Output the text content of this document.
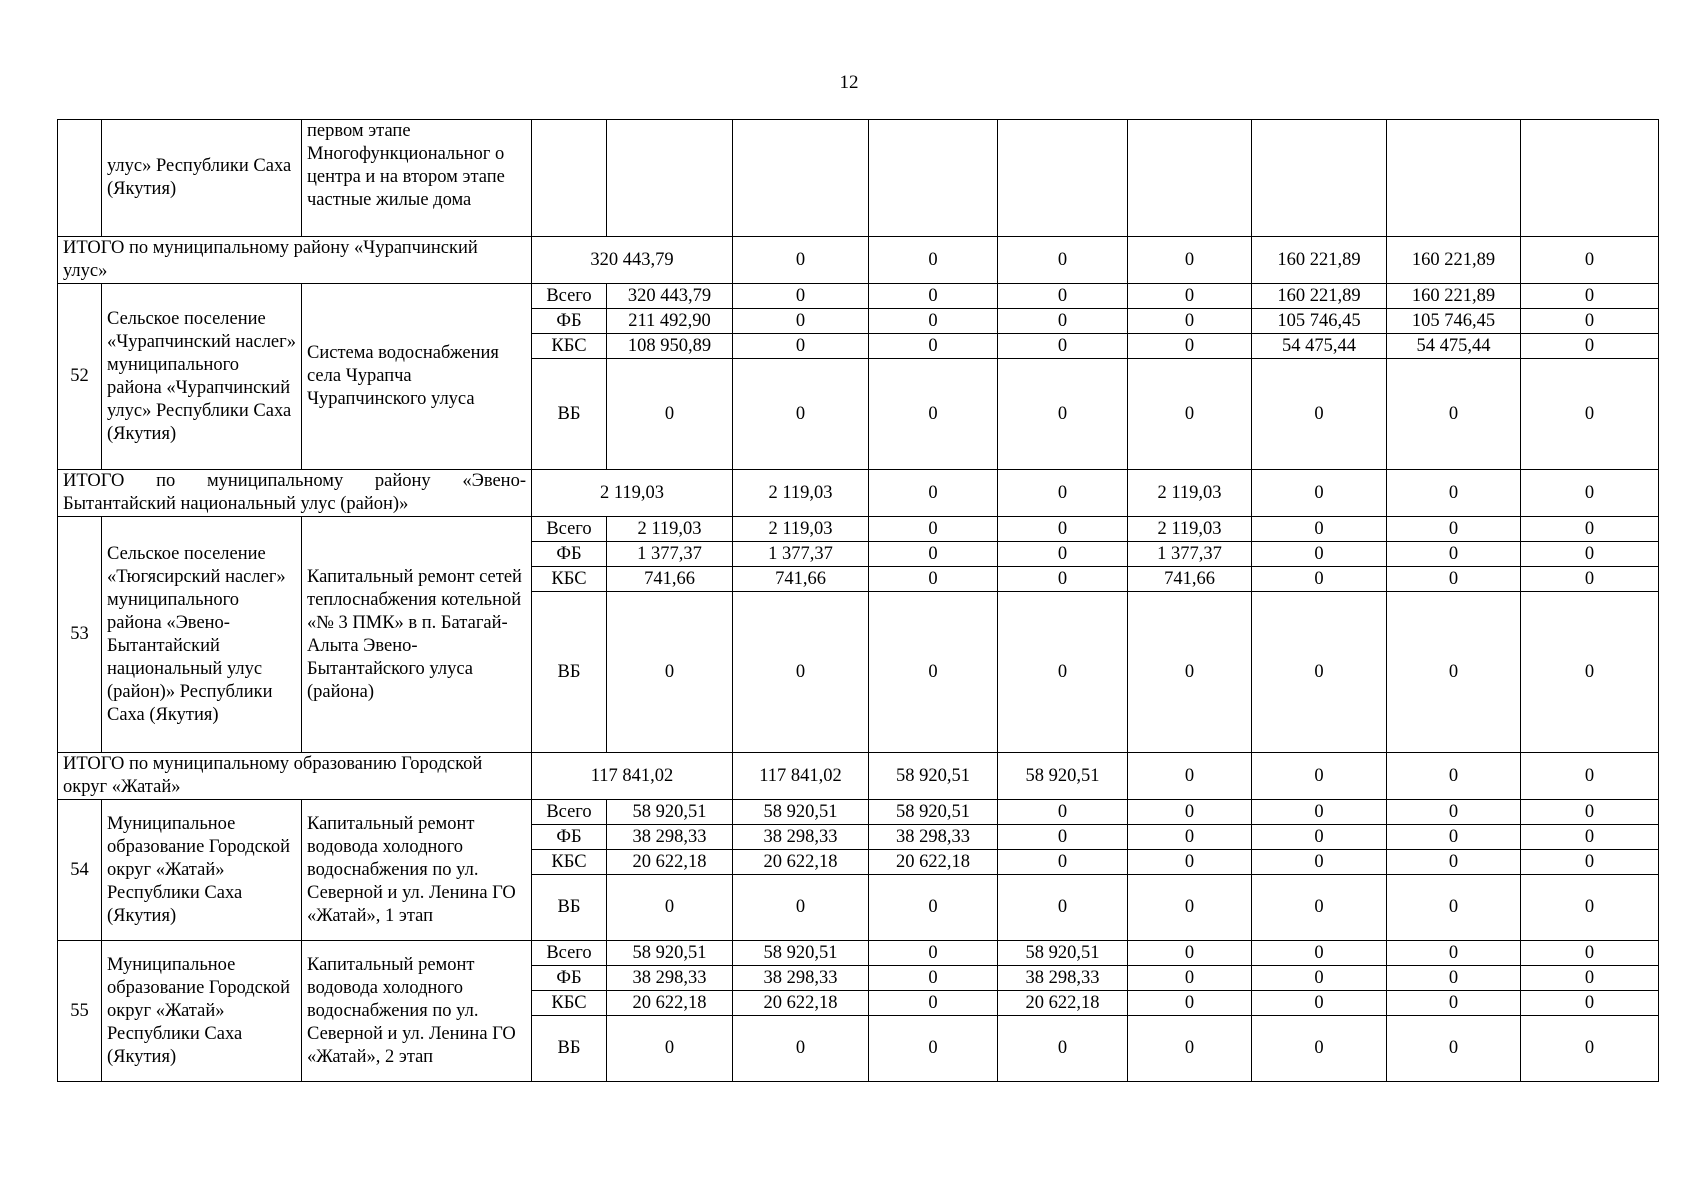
12
	улус» Республики Саха (Якутия)	первом этапе Многофункциональног о центра и на втором этапе частные жилые дома									
ИТОГО по муниципальному району «Чурапчинский улус»			320 443,79		0	0	0	0	160 221,89	160 221,89	0
52	Сельское поселение «Чурапчинский наслег» муниципального района «Чурапчинский улус» Республики Саха (Якутия)	Система водоснабжения села Чурапча Чурапчинского улуса	Всего	320 443,79	0	0	0	0	160 221,89	160 221,89	0
			ФБ	211 492,90	0	0	0	0	105 746,45	105 746,45	0
			КБС	108 950,89	0	0	0	0	54 475,44	54 475,44	0
			ВБ	0	0	0	0	0	0	0	0
ИТОГО по муниципальному району «Эвено-Бытантайский национальный улус (район)»			2 119,03		2 119,03	0	0	2 119,03	0	0	0
53	Сельское поселение «Тюгясирский наслег» муниципального района «Эвено-Бытантайский национальный улус (район)» Республики Саха (Якутия)	Капитальный ремонт сетей теплоснабжения котельной «№ 3 ПМК» в п. Батагай-Алыта Эвено-Бытантайского улуса (района)	Всего	2 119,03	2 119,03	0	0	2 119,03	0	0	0
			ФБ	1 377,37	1 377,37	0	0	1 377,37	0	0	0
			КБС	741,66	741,66	0	0	741,66	0	0	0
			ВБ	0	0	0	0	0	0	0	0
ИТОГО по муниципальному образованию Городской округ «Жатай»			117 841,02		117 841,02	58 920,51	58 920,51	0	0	0	0
54	Муниципальное образование Городской округ «Жатай» Республики Саха (Якутия)	Капитальный ремонт водовода холодного водоснабжения по ул. Северной и ул. Ленина ГО «Жатай», 1 этап	Всего	58 920,51	58 920,51	58 920,51	0	0	0	0	0
			ФБ	38 298,33	38 298,33	38 298,33	0	0	0	0	0
			КБС	20 622,18	20 622,18	20 622,18	0	0	0	0	0
			ВБ	0	0	0	0	0	0	0	0
55	Муниципальное образование Городской округ «Жатай» Республики Саха (Якутия)	Капитальный ремонт водовода холодного водоснабжения по ул. Северной и ул. Ленина ГО «Жатай», 2 этап	Всего	58 920,51	58 920,51	0	58 920,51	0	0	0	0
			ФБ	38 298,33	38 298,33	0	38 298,33	0	0	0	0
			КБС	20 622,18	20 622,18	0	20 622,18	0	0	0	0
			ВБ	0	0	0	0	0	0	0	0
